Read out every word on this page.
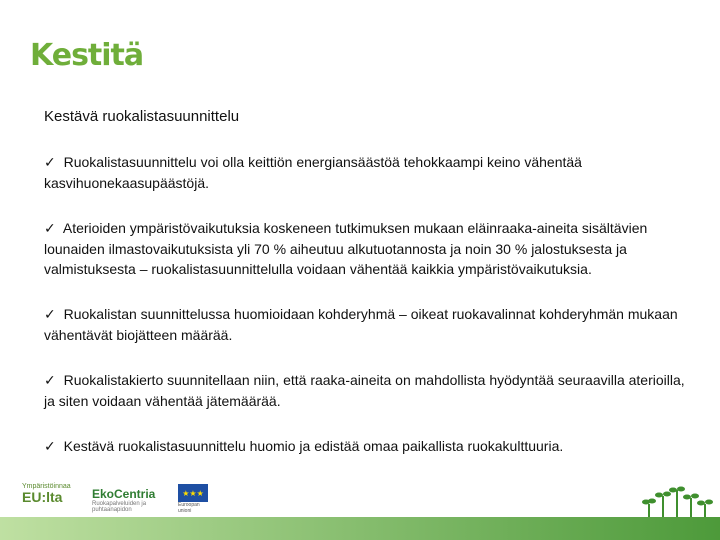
Kestitä

Kestävä ruokalistasuunnittelu

✓ Ruokalistasuunnittelu voi olla keittiön energiansäästöä tehokkaampi keino vähentää kasvihuonekaasupäästöjä.

✓ Aterioiden ympäristövaikutuksia koskeneen tutkimuksen mukaan eläinraaka-aineita sisältävien lounaiden ilmastovaikutuksista yli 70 % aiheutuu alkutuotannosta ja noin 30 % jalostuksesta ja valmistuksesta – ruokalistasuunnittelulla voidaan vähentää kaikkia ympäristövaikutuksia.

✓ Ruokalistan suunnittelussa huomioidaan kohderyhmä – oikeat ruokavalinnat kohderyhmän mukaan vähentävät biojätteen määrää.

✓ Ruokalistakierto suunnitellaan niin, että raaka-aineita on mahdollista hyödyntää seuraavilla aterioilla, ja siten voidaan vähentää jätemäärää.

✓ Kestävä ruokalistasuunnittelu huomio ja edistää omaa paikallista ruokakulttuuria.

Ympäristöinnaa
EU:lta	EkoCentria
Ruokapalveluiden ja puhtaanapidon
★★★
Euroopan unioni
